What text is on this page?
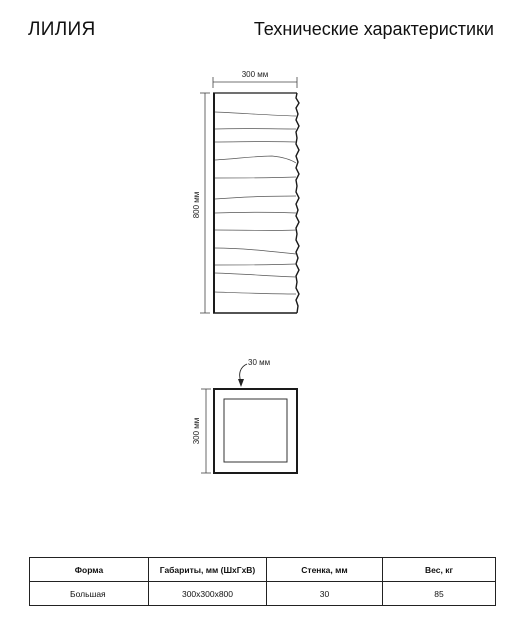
ЛИЛИЯ	Технические характеристики
300 мм
800 мм
30 мм
300 мм
Форма	Габариты, мм (ШхГхВ)	Стенка, мм	Вес, кг
Большая	300x300x800	30	85
